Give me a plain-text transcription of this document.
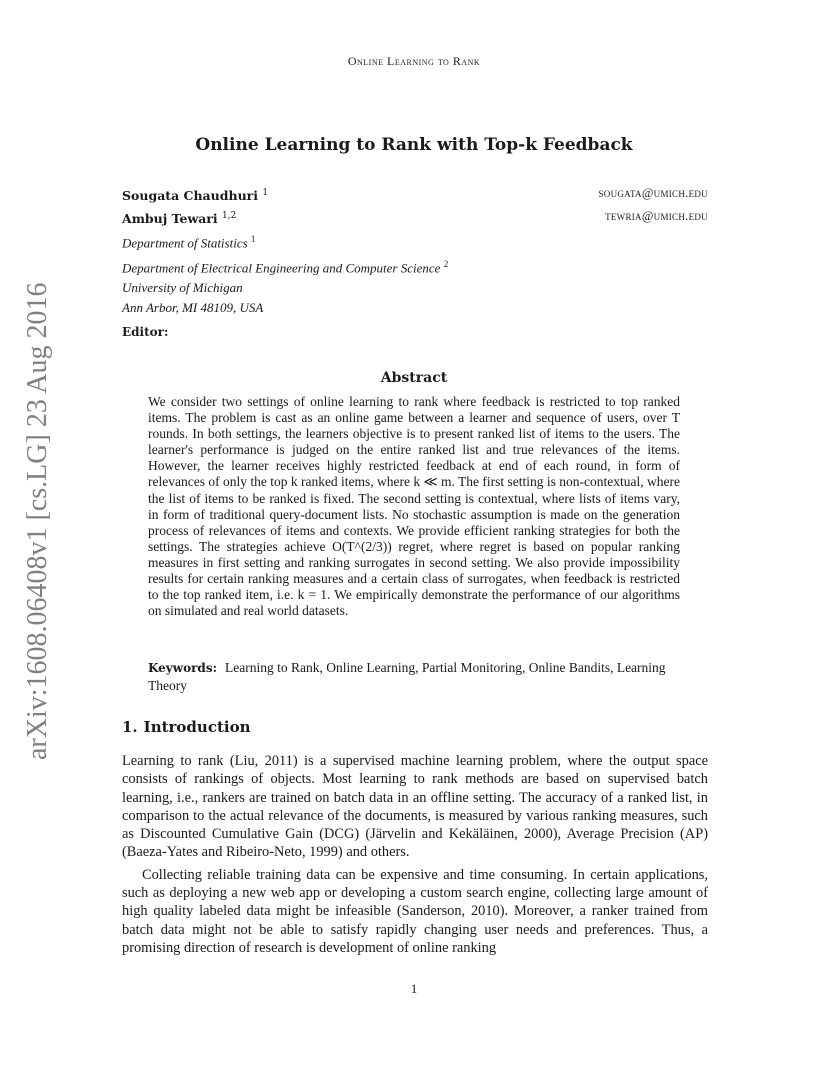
Online Learning to Rank
arXiv:1608.06408v1 [cs.LG] 23 Aug 2016
Online Learning to Rank with Top-k Feedback
Sougata Chaudhuri $^1$	sougata@umich.edu
Ambuj Tewari $^{1,2}$	tewria@umich.edu
Department of Statistics $^1$
Department of Electrical Engineering and Computer Science $^2$
University of Michigan
Ann Arbor, MI 48109, USA
Editor:
Abstract
We consider two settings of online learning to rank where feedback is restricted to top ranked items. The problem is cast as an online game between a learner and sequence of users, over T rounds. In both settings, the learners objective is to present ranked list of items to the users. The learner's performance is judged on the entire ranked list and true relevances of the items. However, the learner receives highly restricted feedback at end of each round, in form of relevances of only the top k ranked items, where k ≪ m. The first setting is non-contextual, where the list of items to be ranked is fixed. The second setting is contextual, where lists of items vary, in form of traditional query-document lists. No stochastic assumption is made on the generation process of relevances of items and contexts. We provide efficient ranking strategies for both the settings. The strategies achieve O(T^(2/3)) regret, where regret is based on popular ranking measures in first setting and ranking surrogates in second setting. We also provide impossibility results for certain ranking measures and a certain class of surrogates, when feedback is restricted to the top ranked item, i.e. k = 1. We empirically demonstrate the performance of our algorithms on simulated and real world datasets.
Keywords: Learning to Rank, Online Learning, Partial Monitoring, Online Bandits, Learning Theory
1. Introduction

Learning to rank (Liu, 2011) is a supervised machine learning problem, where the output space consists of rankings of objects. Most learning to rank methods are based on supervised batch learning, i.e., rankers are trained on batch data in an offline setting. The accuracy of a ranked list, in comparison to the actual relevance of the documents, is measured by various ranking measures, such as Discounted Cumulative Gain (DCG) (Järvelin and Kekäläinen, 2000), Average Precision (AP) (Baeza-Yates and Ribeiro-Neto, 1999) and others.

Collecting reliable training data can be expensive and time consuming. In certain applications, such as deploying a new web app or developing a custom search engine, collecting large amount of high quality labeled data might be infeasible (Sanderson, 2010). Moreover, a ranker trained from batch data might not be able to satisfy rapidly changing user needs and preferences. Thus, a promising direction of research is development of online ranking

1
